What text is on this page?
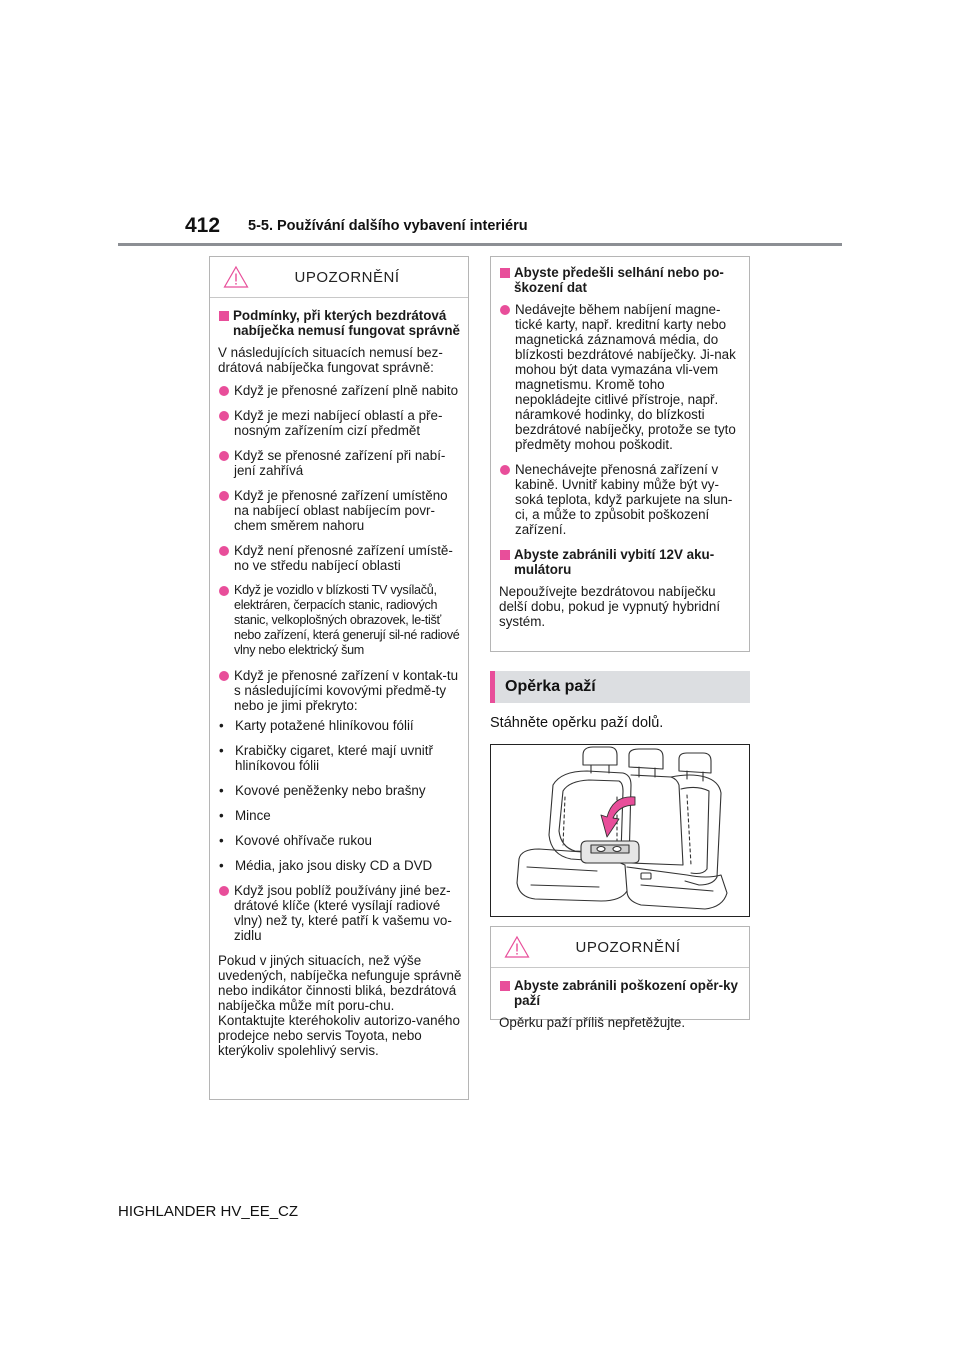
412 5-5. Používání dalšího vybavení interiéru
UPOZORNĚNÍ
Podmínky, při kterých bezdrátová nabíječka nemusí fungovat správně

V následujících situacích nemusí bez-drátová nabíječka fungovat správně:

Když je přenosné zařízení plně nabito
Když je mezi nabíjecí oblastí a pře-nosným zařízením cizí předmět
Když se přenosné zařízení při nabí-jení zahřívá
Když je přenosné zařízení umístěno na nabíjecí oblast nabíjecím povr-chem směrem nahoru
Když není přenosné zařízení umístě-no ve středu nabíjecí oblasti
Když je vozidlo v blízkosti TV vysílačů, elektráren, čerpacích stanic, radiových stanic, velkoplošných obrazovek, le-tišť nebo zařízení, která generují sil-né radiové vlny nebo elektrický šum
Když je přenosné zařízení v kontak-tu s následujícími kovovými předmě-ty nebo je jimi překryto:
• Karty potažené hliníkovou fólií
• Krabičky cigaret, které mají uvnitř hliníkovou fólii
• Kovové peněženky nebo brašny
• Mince
• Kovové ohřívače rukou
• Média, jako jsou disky CD a DVD
Když jsou poblíž používány jiné bez-drátové klíče (které vysílají radiové vlny) než ty, které patří k vašemu vo-zidlu

Pokud v jiných situacích, než výše uvedených, nabíječka nefunguje správně nebo indikátor činnosti bliká, bezdrátová nabíječka může mít poru-chu. Kontaktujte kteréhokoliv autorizo-vaného prodejce nebo servis Toyota, nebo kterýkoliv spolehlivý servis.

Abyste předešli selhání nebo po-škození dat
Nedávejte během nabíjení magne-tické karty, např. kreditní karty nebo magnetická záznamová média, do blízkosti bezdrátové nabíječky. Ji-nak mohou být data vymazána vli-vem magnetismu. Kromě toho nepokládejte citlivé přístroje, např. náramkové hodinky, do blízkosti bezdrátové nabíječky, protože se tyto předměty mohou poškodit.
Nenechávejte přenosná zařízení v kabině. Uvnitř kabiny může být vy-soká teplota, když parkujete na slun-ci, a může to způsobit poškození zařízení.
Abyste zabránili vybití 12V aku-mulátoru

Nepoužívejte bezdrátovou nabíječku delší dobu, pokud je vypnutý hybridní systém.

Opěrka paží
Stáhněte opěrku paží dolů.
UPOZORNĚNÍ
Abyste zabránili poškození opěr-ky paží

Opěrku paží příliš nepřetěžujte.

HIGHLANDER HV_EE_CZ
